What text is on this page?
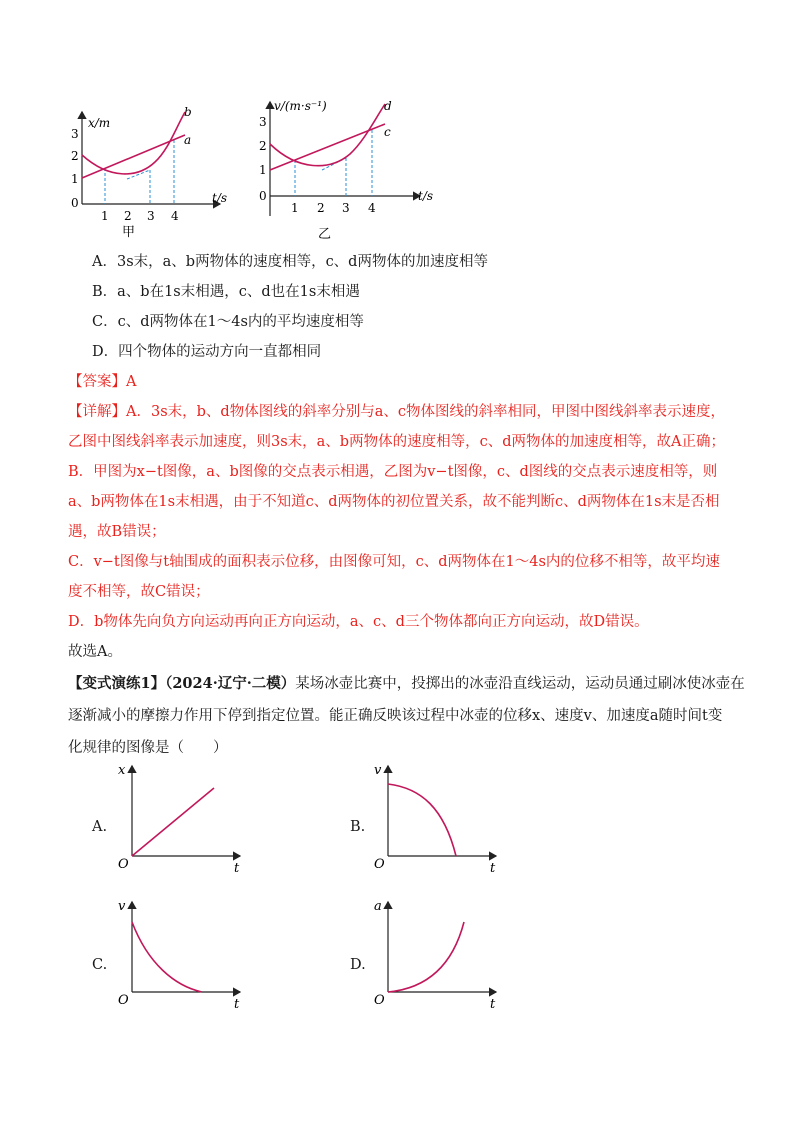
b
a
x/m
t/s
3
2
1
0
1 2 3 4
甲
d
c
v/(m·s⁻¹)
t/s
3
2
1
0
1 2 3 4
乙
A．3s末，a、b两物体的速度相等，c、d两物体的加速度相等
B．a、b在1s末相遇，c、d也在1s末相遇
C．c、d两物体在1～4s内的平均速度相等
D．四个物体的运动方向一直都相同
【答案】A
【详解】A．3s末，b、d物体图线的斜率分别与a、c物体图线的斜率相同，甲图中图线斜率表示速度，
乙图中图线斜率表示加速度，则3s末，a、b两物体的速度相等，c、d两物体的加速度相等，故A正确；
B．甲图为x−t图像，a、b图像的交点表示相遇，乙图为v−t图像，c、d图线的交点表示速度相等，则
a、b两物体在1s末相遇，由于不知道c、d两物体的初位置关系，故不能判断c、d两物体在1s末是否相
遇，故B错误；
C．v−t图像与t轴围成的面积表示位移，由图像可知，c、d两物体在1～4s内的位移不相等，故平均速
度不相等，故C错误；
D．b物体先向负方向运动再向正方向运动，a、c、d三个物体都向正方向运动，故D错误。
故选A。
【变式演练1】（2024·辽宁·二模）某场冰壶比赛中，投掷出的冰壶沿直线运动，运动员通过刷冰使冰壶在
逐渐减小的摩擦力作用下停到指定位置。能正确反映该过程中冰壶的位移x、速度v、加速度a随时间t变
化规律的图像是（　　）
A.
x
t
O
B.
v
t
O
C.
v
t
O
D.
a
t
O
